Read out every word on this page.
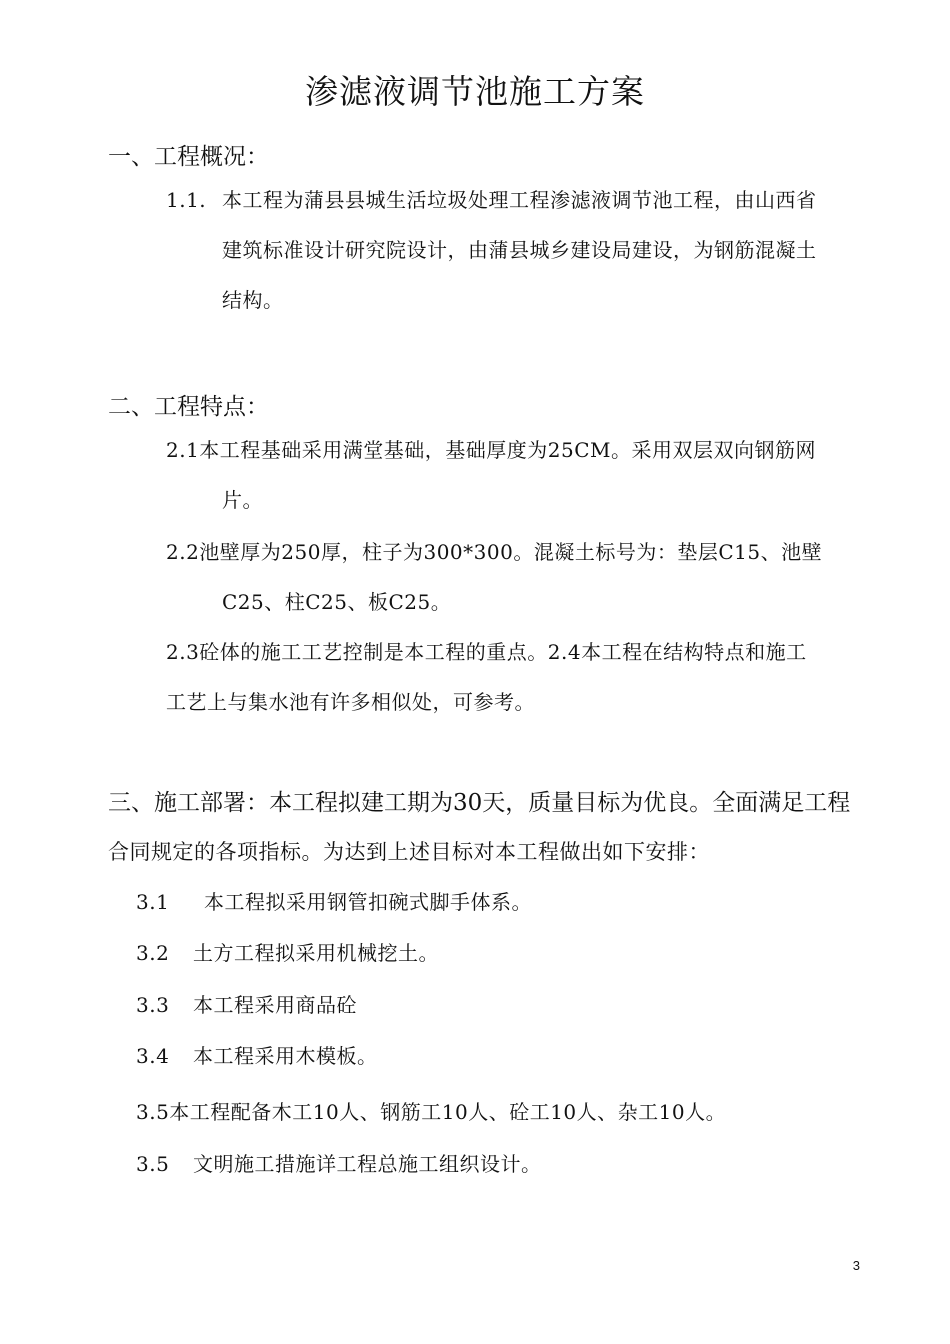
渗滤液调节池施工方案
一、工程概况：
1.1. 本工程为蒲县县城生活垃圾处理工程渗滤液调节池工程，由山西省
建筑标准设计研究院设计，由蒲县城乡建设局建设，为钢筋混凝土
结构。
二、工程特点：
2.1本工程基础采用满堂基础，基础厚度为25CM。采用双层双向钢筋网
片。
2.2池壁厚为250厚，柱子为300*300。混凝土标号为：垫层C15、池壁
C25、柱C25、板C25。
2.3砼体的施工工艺控制是本工程的重点。2.4本工程在结构特点和施工
工艺上与集水池有许多相似处，可参考。
三、施工部署：本工程拟建工期为30天，质量目标为优良。全面满足工程
合同规定的各项指标。为达到上述目标对本工程做出如下安排：
3.1 本工程拟采用钢管扣碗式脚手体系。
3.2 土方工程拟采用机械挖土。
3.3 本工程采用商品砼
3.4 本工程采用木模板。
3.5本工程配备木工10人、钢筋工10人、砼工10人、杂工10人。
3.5 文明施工措施详工程总施工组织设计。
3
